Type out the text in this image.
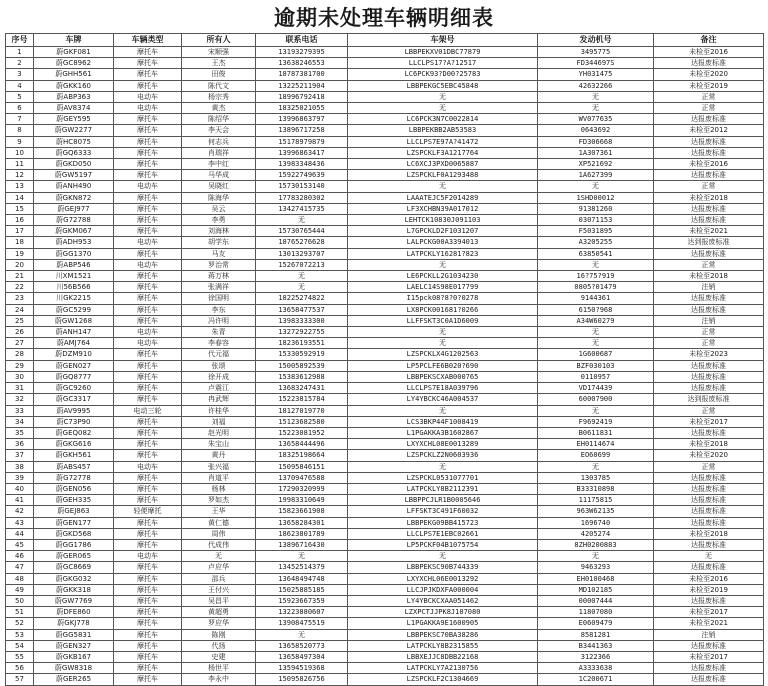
逾期未处理车辆明细表
序号	车牌	车辆类型	所有人	联系电话	车架号	发动机号	备注
1	蔚GKF081	摩托车	宋顺强	13193279395	LBBPEKXV01DBC77879	3495775	未检至2016
2	蔚GC8962	摩托车	王杰	13638246553	LLCLPS17?A?12517	FD344697S	达报废标准
3	蔚GHH561	摩托车	田俊	18787381700	LC6PCK93?D00?25783	YH031475	未检至2020
4	蔚GKK160	摩托车	陈代文	13225211904	LBBPEKGC5EBC45848	42632266	未检至2019
5	蔚ABP363	电动车	杨宗秀	18996792418	无	无	正常
6	蔚AV8374	电动车	黄杰	18325021055	无	无	正常
7	蔚GEY595	摩托车	陈绍华	13996863797	LC6PCK3N7C0022814	WV077635	达报废标准
8	蔚GW2277	摩托车	李天会	13896717258	LBBPEKBB2AB53583	0643692	未检至2012
9	蔚HC8075	摩托车	何志兵	15178979879	LLCLPS7E97A?41472	FD306668	达报废标准
10	蔚GQ6333	摩托车	肖瑞祥	13996863417	LZSPCKLF3A1217764	1A307361	达报废标准
11	蔚GKD050	摩托车	李中红	13983348436	LC6XCJ3PXD0065887	XP521692	未检至2016
12	蔚GW5197	摩托车	马华成	15922749639	LZSPCKLF0A1293488	1A627399	达报废标准
13	蔚ANH490	电动车	吴晓红	15730153140	无	无	正常
14	蔚GKN872	摩托车	陈海华	17783280302	LAAATEJC5F2014289	1SHD00012	未检至2018
15	蔚GEJ977	摩托车	吴云	13427415735	LF3XCHBN39A017012	91381260	达报废标准
16	蔚G72788	摩托车	李勇	无	LEHTCK10830J091103	03071153	达报废标准
17	蔚GKM067	摩托车	刘海林	15730765444	L7GPCKLD2F1031207	F5031895	未检至2021
18	蔚ADH953	电动车	胡学东	18765276628	LALPCKG00A3394013	A3205255	达到报废标准
19	蔚GG1370	摩托车	马友	13013293707	LATPCKLY16281?823	63850541	达报废标准
20	蔚ABP546	电动车	罗治常	15267072213	无	无	正常
21	川XM1521	摩托车	蒋万林	无	LE6PCKLL2G1034230	16?75?919	未检至2018
22	川56B566	摩托车	张满祥	无	LAELC14S98E017799	0805?01479	注销
23	川GK2215	摩托车	徐国明	18225274822	I15pck08?8?0?0278	9144361	达报废标准
24	蔚GC5299	摩托车	李东	13658477537	LX8PCK001681?0266	6150?968	达报废标准
25	蔚GW1268	摩托车	冯许明	13983333300	LLFFSKT3C0A1D6009	A34W60279	注销
26	蔚ANH147	电动车	朱青	13272922755	无	无	正常
27	蔚AMJ764	电动车	李春容	18236193551	无	无	正常
28	蔚DZM910	摩托车	代元福	15330592919	LZSPCKLX4G1202563	1G600687	未检至2023
29	蔚GEN027	摩托车	张颂	15005892539	LP5PCLFE6B020?690	BZF030103	达报废标准
30	蔚GQ8777	摩托车	徐开成	15383612988	LBBPEKSCXAB000765	0110957	达报废标准
31	蔚GC9260	摩托车	卢震江	13683247431	LLCLPS7E18A039796	VD174439	达报废标准
32	蔚GC3317	摩托车	冉武辉	15223815784	LY4YBCKC46A004537	60007900	达到报废标准
33	蔚AV9995	电动三轮	许桂华	18127019770	无	无	正常
34	蔚C73P90	摩托车	刘福	15123682580	LCS3BKP44F1008419	F9692419	未检至2017
35	蔚GEQ082	摩托车	赵光明	15223081952	L1PGAKKA3B1602867	B0611831	达报废标准
36	蔚GKG616	摩托车	朱宝山	13658444496	LXYXCHL08E0013289	EH0114674	未检至2018
37	蔚GKH561	摩托车	黄丹	18325198664	LZSPCKLZ2N0603936	EO60699	未检至2020
38	蔚ABS457	电动车	张兴福	15095846151	无	无	正常
39	蔚G72778	摩托车	肖道平	13709476588	LZSPCKL0531077701	1303785	达报废标准
40	蔚GEN056	摩托车	杨林	17290320999	LATPCKLY8B2112391	B33310898	达报废标准
41	蔚GEH335	摩托车	罗如杰	19983310649	LBBPPCJLR1B0005646	11175815	达报废标准
42	蔚GEJ863	轻便摩托	王华	15823661908	LFFSKT3C491F60032	963W62135	达报废标准
43	蔚GEN177	摩托车	黄仁德	13658284301	LBBPEKG09BB415723	1696740	达报废标准
44	蔚GKD568	摩托车	周伟	18623801789	LLCLPS7E1EBC02661	4205274	未检至2018
45	蔚GG1786	摩托车	代成伟	13896716430	LP5PCKF04B1075754	8ZH0200883	达报废标准
46	蔚GER065	电动车	无	无	无	无	无
47	蔚GC8669	摩托车	卢应华	13452514379	LBBPEKSC90B744339	9463293	达报废标准
48	蔚GKG032	摩托车	邵兵	13648494748	LXYXCHL06E0013292	EH0100468	未检至2016
49	蔚GKK318	摩托车	王付兴	15025885185	LLCJPJKDXFA000004	MD102185	未检至2019
50	蔚GW7769	摩托车	吴昌平	15923667359	LY4YBCKCXAA051462	00007444	达报废标准
51	蔚DFE860	摩托车	黄超勇	13223880607	LZXPCTJJPK8J107080	11807080	未检至2017
52	蔚GKJ778	摩托车	罗应华	13908475519	L1PGAKKA9E1600905	E0609479	未检至2021
53	蔚GG5831	摩托车	陈刚	无	LBBPEKSC70BA38286	8581281	注销
54	蔚GEN327	摩托车	代扬	13658520773	LATPCKLY8B2315855	B3441363	达报废标准
55	蔚GKB167	摩托车	史建	13658497304	LBBXEJJC8DBB22168	3122366	未检至2017
56	蔚GW8318	摩托车	杨世平	13594519368	LATPCKLY7A2130756	A3333638	达报废标准
57	蔚GER265	摩托车	李永中	15095826756	LZSPCKLF2C1304669	1C200671	达报废标准
